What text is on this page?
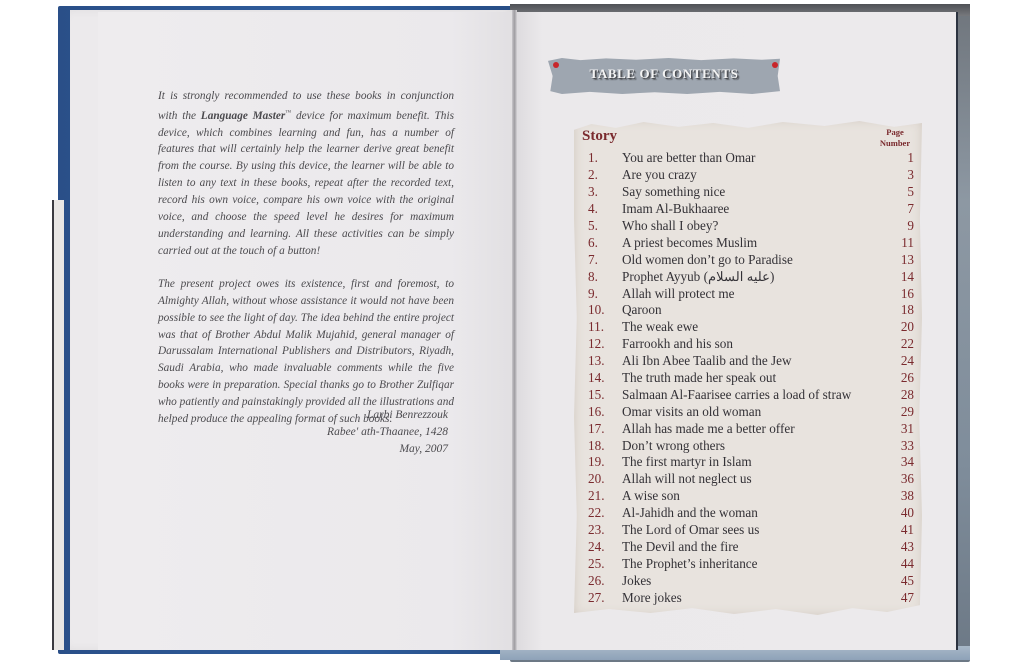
It is strongly recommended to use these books in conjunction with the Language Master™ device for maximum benefit. This device, which combines learning and fun, has a number of features that will certainly help the learner derive great benefit from the course. By using this device, the learner will be able to listen to any text in these books, repeat after the recorded text, record his own voice, compare his own voice with the original voice, and choose the speed level he desires for maximum understanding and learning. All these activities can be simply carried out at the touch of a button!

The present project owes its existence, first and foremost, to Almighty Allah, without whose assistance it would not have been possible to see the light of day. The idea behind the entire project was that of Brother Abdul Malik Mujahid, general manager of Darussalam International Publishers and Distributors, Riyadh, Saudi Arabia, who made invaluable comments while the five books were in preparation. Special thanks go to Brother Zulfiqar who patiently and painstakingly provided all the illustrations and helped produce the appealing format of such books.

Larbi Benrezzouk
Rabee' ath-Thaanee, 1428
May, 2007
TABLE OF CONTENTS
Story	Page
Number
1.	You are better than Omar	1
2.	Are you crazy	3
3.	Say something nice	5
4.	Imam Al-Bukhaaree	7
5.	Who shall I obey?	9
6.	A priest becomes Muslim	11
7.	Old women don’t go to Paradise	13
8.	Prophet Ayyub (عليه السلام)	14
9.	Allah will protect me	16
10.	Qaroon	18
11.	The weak ewe	20
12.	Farrookh and his son	22
13.	Ali Ibn Abee Taalib and the Jew	24
14.	The truth made her speak out	26
15.	Salmaan Al-Faarisee carries a load of straw	28
16.	Omar visits an old woman	29
17.	Allah has made me a better offer	31
18.	Don’t wrong others	33
19.	The first martyr in Islam	34
20.	Allah will not neglect us	36
21.	A wise son	38
22.	Al-Jahidh and the woman	40
23.	The Lord of Omar sees us	41
24.	The Devil and the fire	43
25.	The Prophet’s inheritance	44
26.	Jokes	45
27.	More jokes	47
